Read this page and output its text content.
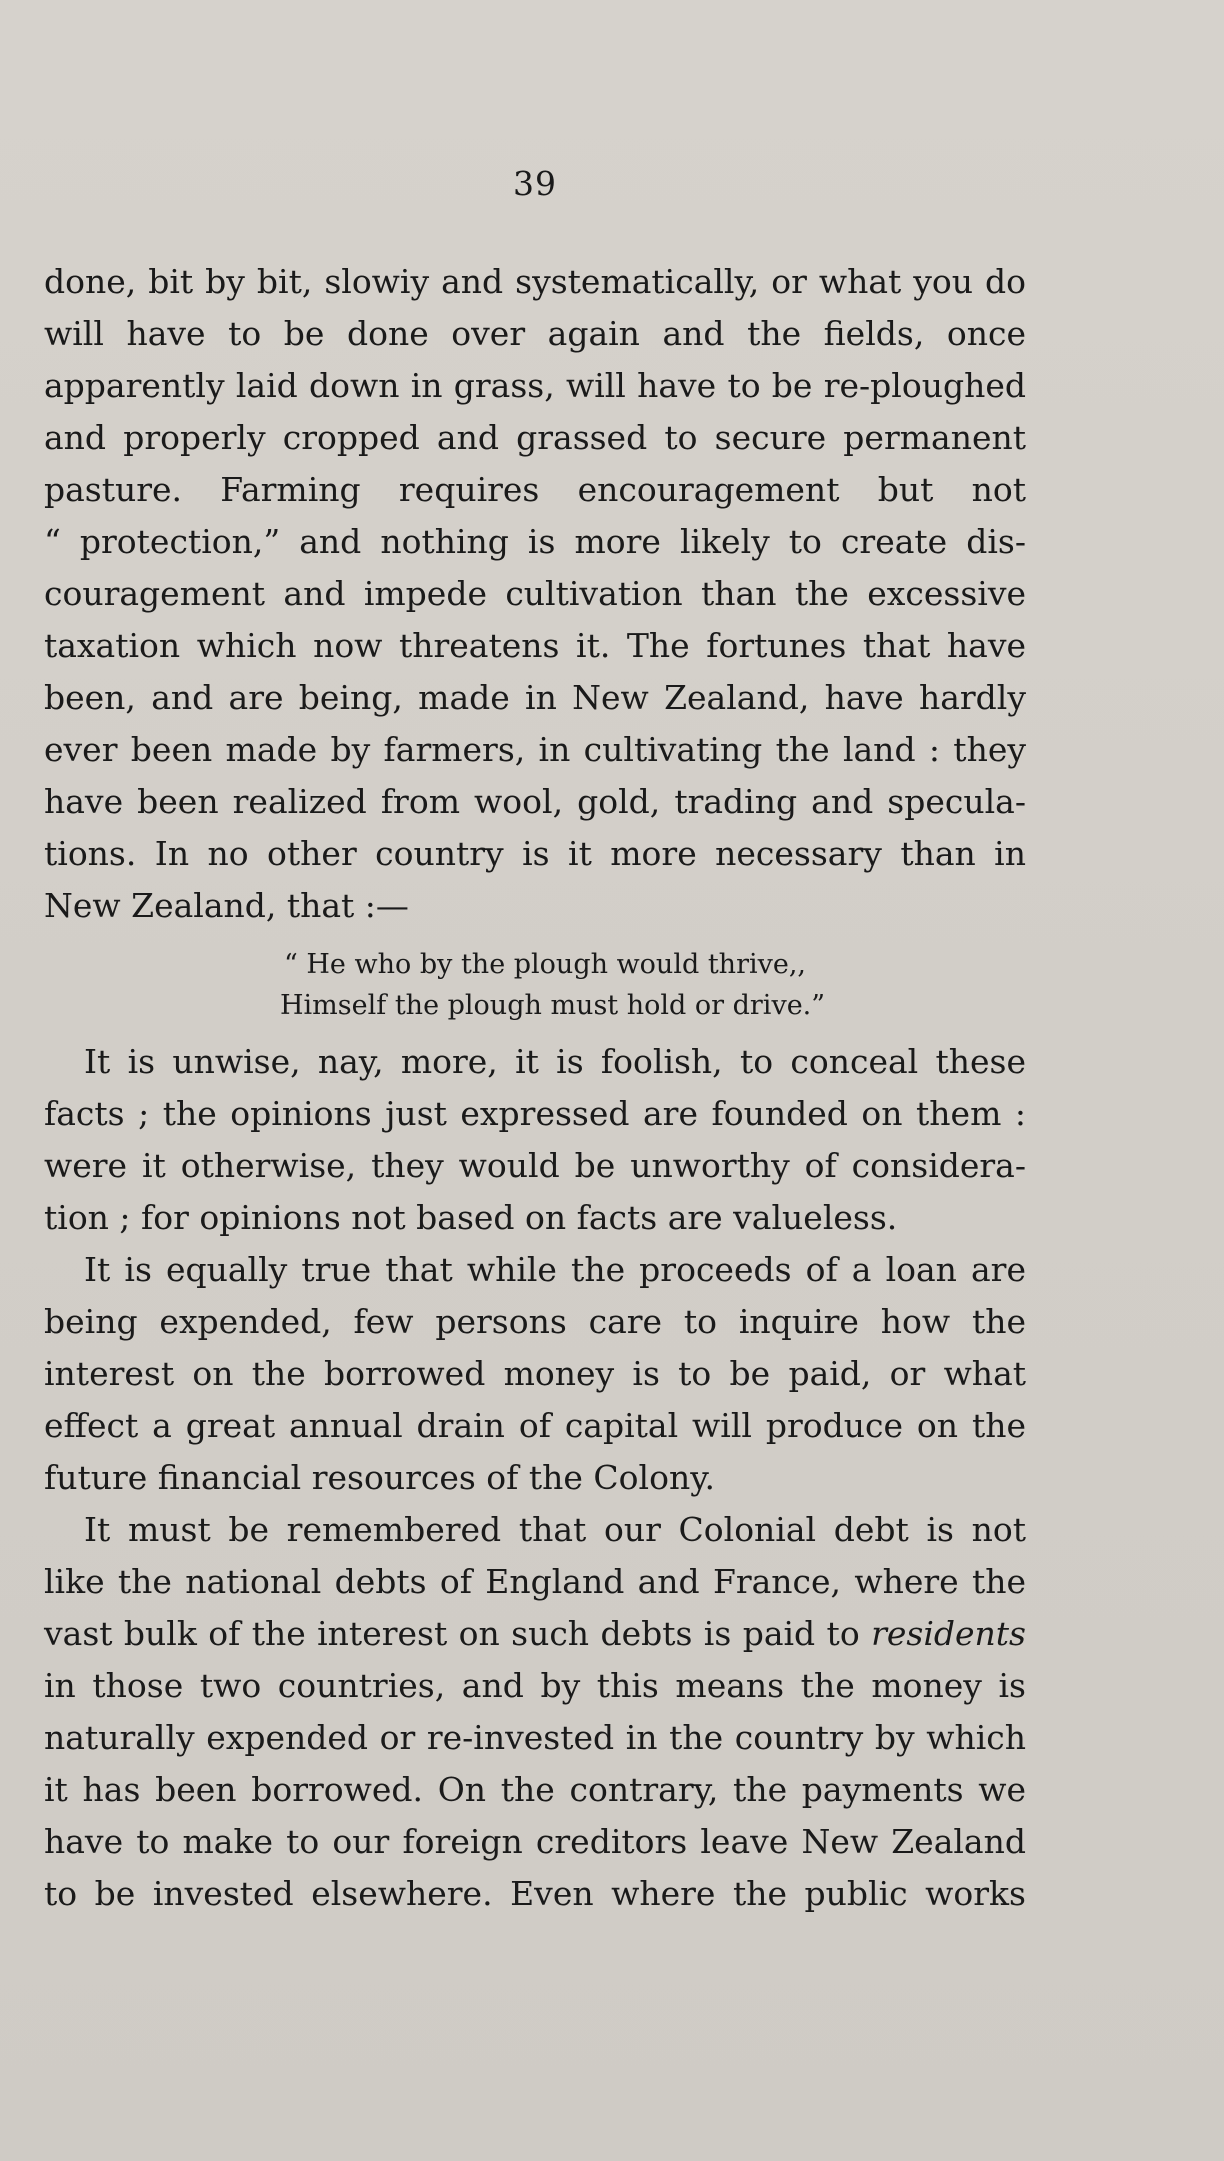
39
done, bit by bit, slowiy and systematically, or what you do
will have to be done over again and the fields, once
apparently laid down in grass, will have to be re-ploughed
and properly cropped and grassed to secure permanent
pasture. Farming requires encouragement but not
“ protection,” and nothing is more likely to create dis-
couragement and impede cultivation than the excessive
taxation which now threatens it. The fortunes that have
been, and are being, made in New Zealand, have hardly
ever been made by farmers, in cultivating the land : they
have been realized from wool, gold, trading and specula-
tions. In no other country is it more necessary than in
New Zealand, that :—
“ He who by the plough would thrive,,
Himself the plough must hold or drive.”
It is unwise, nay, more, it is foolish, to conceal these
facts ; the opinions just expressed are founded on them :
were it otherwise, they would be unworthy of considera-
tion ; for opinions not based on facts are valueless.
It is equally true that while the proceeds of a loan are
being expended, few persons care to inquire how the
interest on the borrowed money is to be paid, or what
effect a great annual drain of capital will produce on the
future financial resources of the Colony.
It must be remembered that our Colonial debt is not
like the national debts of England and France, where the
vast bulk of the interest on such debts is paid to residents
in those two countries, and by this means the money is
naturally expended or re-invested in the country by which
it has been borrowed. On the contrary, the payments we
have to make to our foreign creditors leave New Zealand
to be invested elsewhere. Even where the public works
